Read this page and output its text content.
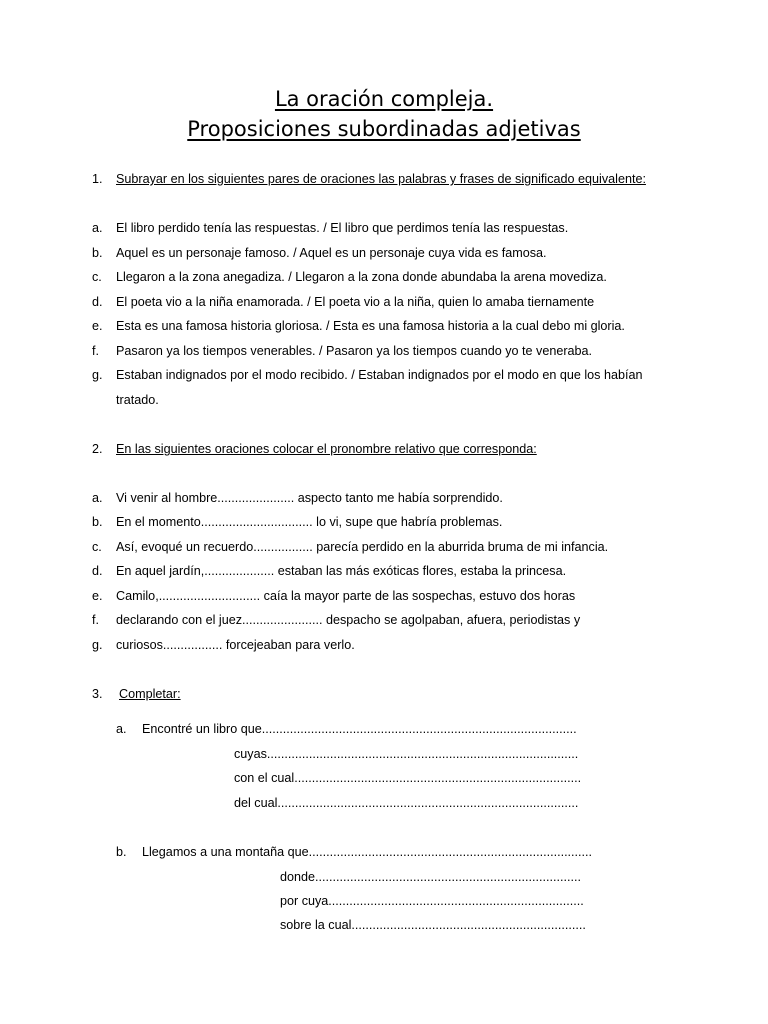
La oración compleja.
Proposiciones subordinadas adjetivas
1. Subrayar en los siguientes pares de oraciones las palabras y frases de significado equivalente:
a. El libro perdido tenía las respuestas. / El libro que perdimos tenía las respuestas.
b. Aquel es un personaje famoso. / Aquel es un personaje cuya vida es famosa.
c. Llegaron a la zona anegadiza. / Llegaron a la zona donde abundaba la arena movediza.
d. El poeta vio a la niña enamorada. / El poeta vio a la niña, quien lo amaba tiernamente
e. Esta es una famosa historia gloriosa. / Esta es una famosa historia a la cual debo mi gloria.
f. Pasaron ya los tiempos venerables. / Pasaron ya los tiempos cuando yo te veneraba.
g. Estaban indignados por el modo recibido. / Estaban indignados por el modo en que los habían
tratado.
2. En las siguientes oraciones colocar el pronombre relativo que corresponda:
a. Vi venir al hombre...................... aspecto tanto me había sorprendido.
b. En el momento................................ lo vi, supe que habría problemas.
c. Así, evoqué un recuerdo................. parecía perdido en la aburrida bruma de mi infancia.
d. En aquel jardín,.................... estaban las más exóticas flores, estaba la princesa.
e. Camilo,............................. caía la mayor parte de las sospechas, estuvo dos horas
f. declarando con el juez....................... despacho se agolpaban, afuera, periodistas y
g. curiosos................. forcejeaban para verlo.
3. Completar:
a. Encontré un libro que..........................................................................................
cuyas.........................................................................................
con el cual..................................................................................
del cual......................................................................................
b. Llegamos a una montaña que.................................................................................
donde............................................................................
por cuya.........................................................................
sobre la cual...................................................................
